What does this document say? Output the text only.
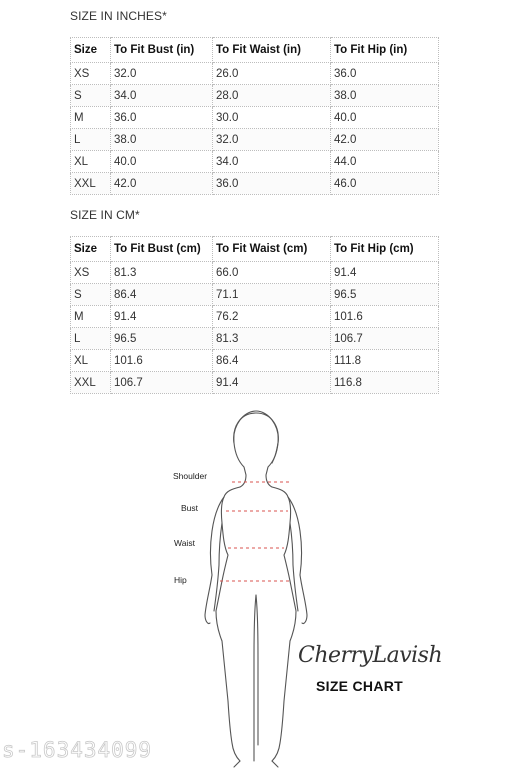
SIZE IN INCHES*
Size	To Fit Bust (in)	To Fit Waist (in)	To Fit Hip (in)
XS	32.0	26.0	36.0
S	34.0	28.0	38.0
M	36.0	30.0	40.0
L	38.0	32.0	42.0
XL	40.0	34.0	44.0
XXL	42.0	36.0	46.0
SIZE IN CM*
Size	To Fit Bust (cm)	To Fit Waist (cm)	To Fit Hip (cm)
XS	81.3	66.0	91.4
S	86.4	71.1	96.5
M	91.4	76.2	101.6
L	96.5	81.3	106.7
XL	101.6	86.4	111.8
XXL	106.7	91.4	116.8
Shoulder
Bust
Waist
Hip
CherryLavish
SIZE CHART
s-163434099
